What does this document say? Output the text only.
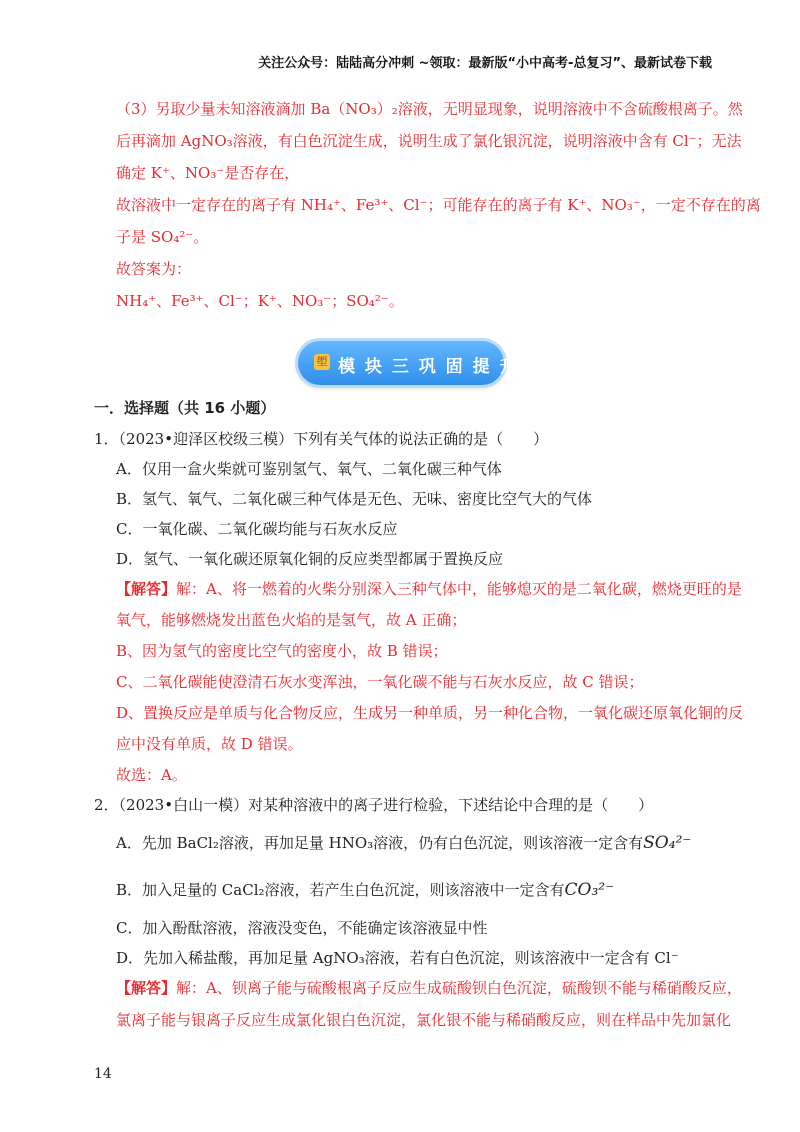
关注公众号：陆陆高分冲刺 ~领取：最新版“小中高考-总复习”、最新试卷下载
（3）另取少量未知溶液滴加 Ba（NO₃）₂溶液，无明显现象，说明溶液中不含硫酸根离子。然
后再滴加 AgNO₃溶液，有白色沉淀生成，说明生成了氯化银沉淀，说明溶液中含有 Cl⁻；无法
确定 K⁺、NO₃⁻是否存在，
故溶液中一定存在的离子有 NH₄⁺、Fe³⁺、Cl⁻；可能存在的离子有 K⁺、NO₃⁻，一定不存在的离
子是 SO₄²⁻。
故答案为：
NH₄⁺、Fe³⁺、Cl⁻；K⁺、NO₃⁻；SO₄²⁻。
塱 模 块 三 巩 固 提 升
一．选择题（共 16 小题）
1．（2023•迎泽区校级三模）下列有关气体的说法正确的是（　　）
A．仅用一盒火柴就可鉴别氢气、氧气、二氧化碳三种气体
B．氢气、氧气、二氧化碳三种气体是无色、无味、密度比空气大的气体
C．一氧化碳、二氧化碳均能与石灰水反应
D．氢气、一氧化碳还原氧化铜的反应类型都属于置换反应
【解答】解：A、将一燃着的火柴分别深入三种气体中，能够熄灭的是二氧化碳，燃烧更旺的是
氧气，能够燃烧发出蓝色火焰的是氢气，故 A 正确；
B、因为氢气的密度比空气的密度小，故 B 错误；
C、二氧化碳能使澄清石灰水变浑浊，一氧化碳不能与石灰水反应，故 C 错误；
D、置换反应是单质与化合物反应，生成另一种单质，另一种化合物，一氧化碳还原氧化铜的反
应中没有单质，故 D 错误。
故选：A。
2．（2023•白山一模）对某种溶液中的离子进行检验，下述结论中合理的是（　　）
A．先加 BaCl₂溶液，再加足量 HNO₃溶液，仍有白色沉淀，则该溶液一定含有SO₄²⁻
B．加入足量的 CaCl₂溶液，若产生白色沉淀，则该溶液中一定含有CO₃²⁻
C．加入酚酞溶液，溶液没变色，不能确定该溶液显中性
D．先加入稀盐酸，再加足量 AgNO₃溶液，若有白色沉淀，则该溶液中一定含有 Cl⁻
【解答】解：A、钡离子能与硫酸根离子反应生成硫酸钡白色沉淀，硫酸钡不能与稀硝酸反应，
氯离子能与银离子反应生成氯化银白色沉淀，氯化银不能与稀硝酸反应，则在样品中先加氯化
14
